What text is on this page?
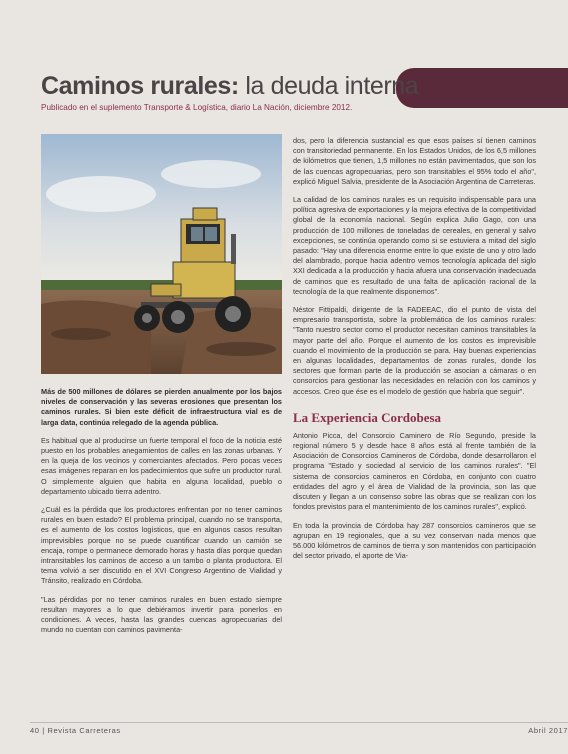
Caminos rurales: la deuda interna
Publicado en el suplemento Transporte & Logística, diario La Nación, diciembre 2012.

Más de 500 millones de dólares se pierden anualmente por los bajos niveles de conservación y las severas erosiones que presentan los caminos rurales. Si bien este déficit de infraestructura vial es de larga data, continúa relegado de la agenda pública.

Es habitual que al producirse un fuerte temporal el foco de la noticia esté puesto en los probables anegamientos de calles en las zonas urbanas. Y en la queja de los vecinos y comerciantes afectados. Pero pocas veces esas imágenes reparan en los padecimientos que sufre un productor rural. O simplemente alguien que habita en alguna localidad, pueblo o departamento ubicado tierra adentro.

¿Cuál es la pérdida que los productores enfrentan por no tener caminos rurales en buen estado? El problema principal, cuando no se transporta, es el aumento de los costos logísticos, que en algunos casos resultan imprevisibles porque no se puede cuantificar cuando un camión se encaja, rompe o permanece demorado horas y hasta días porque quedan intransitables los caminos de acceso a un tambo o planta productora. El tema volvió a ser discutido en el XVI Congreso Argentino de Vialidad y Tránsito, realizado en Córdoba.

"Las pérdidas por no tener caminos rurales en buen estado siempre resultan mayores a lo que debiéramos invertir para ponerlos en condiciones. A veces, hasta las grandes cuencas agropecuarias del mundo no cuentan con caminos pavimenta-

dos, pero la diferencia sustancial es que esos países sí tienen caminos con transitoriedad permanente. En los Estados Unidos, de los 6,5 millones de kilómetros que tienen, 1,5 millones no están pavimentados, que son los de las cuencas agropecuarias, pero son transitables el 95% todo el año", explicó Miguel Salvia, presidente de la Asociación Argentina de Carreteras.

La calidad de los caminos rurales es un requisito indispensable para una política agresiva de exportaciones y la mejora efectiva de la competitividad global de la economía nacional. Según explica Julio Gago, con una producción de 100 millones de toneladas de cereales, en general y salvo excepciones, se continúa operando como si se estuviera a mitad del siglo pasado: "Hay una diferencia enorme entre lo que existe de uno y otro lado del alambrado, porque hacia adentro vemos tecnología aplicada del siglo XXI dedicada a la producción y hacia afuera una conservación inadecuada de caminos que es resultado de una falta de aplicación racional de la tecnología de la que realmente disponemos".

Néstor Fittipaldi, dirigente de la FADEEAC, dio el punto de vista del empresario transportista, sobre la problemática de los caminos rurales: "Tanto nuestro sector como el productor necesitan caminos transitables la mayor parte del año. Porque el aumento de los costos es imprevisible cuando el movimiento de la producción se para. Hay buenas experiencias en algunas localidades, departamentos de zonas rurales, donde los sectores que forman parte de la producción se asocian a cámaras o en consorcios para gestionar las necesidades en relación con los caminos y accesos. Creo que ése es el modelo de gestión que habría que seguir".

La Experiencia Cordobesa

Antonio Picca, del Consorcio Caminero de Río Segundo, preside la regional número 5 y desde hace 8 años está al frente también de la Asociación de Consorcios Camineros de Córdoba, donde desarrollaron el programa "Estado y sociedad al servicio de los caminos rurales". "El sistema de consorcios camineros en Córdoba, en conjunto con cuatro entidades del agro y el área de Vialidad de la provincia, son las que discuten y llegan a un consenso sobre las obras que se realizan con los fondos previstos para el mantenimiento de los caminos rurales", explicó.

En toda la provincia de Córdoba hay 287 consorcios camineros que se agrupan en 19 regionales, que a su vez conservan nada menos que 56.000 kilómetros de caminos de tierra y son mantenidos con participación del sector privado, el aporte de Via-

40 | Revista Carreteras	Abril 2017
